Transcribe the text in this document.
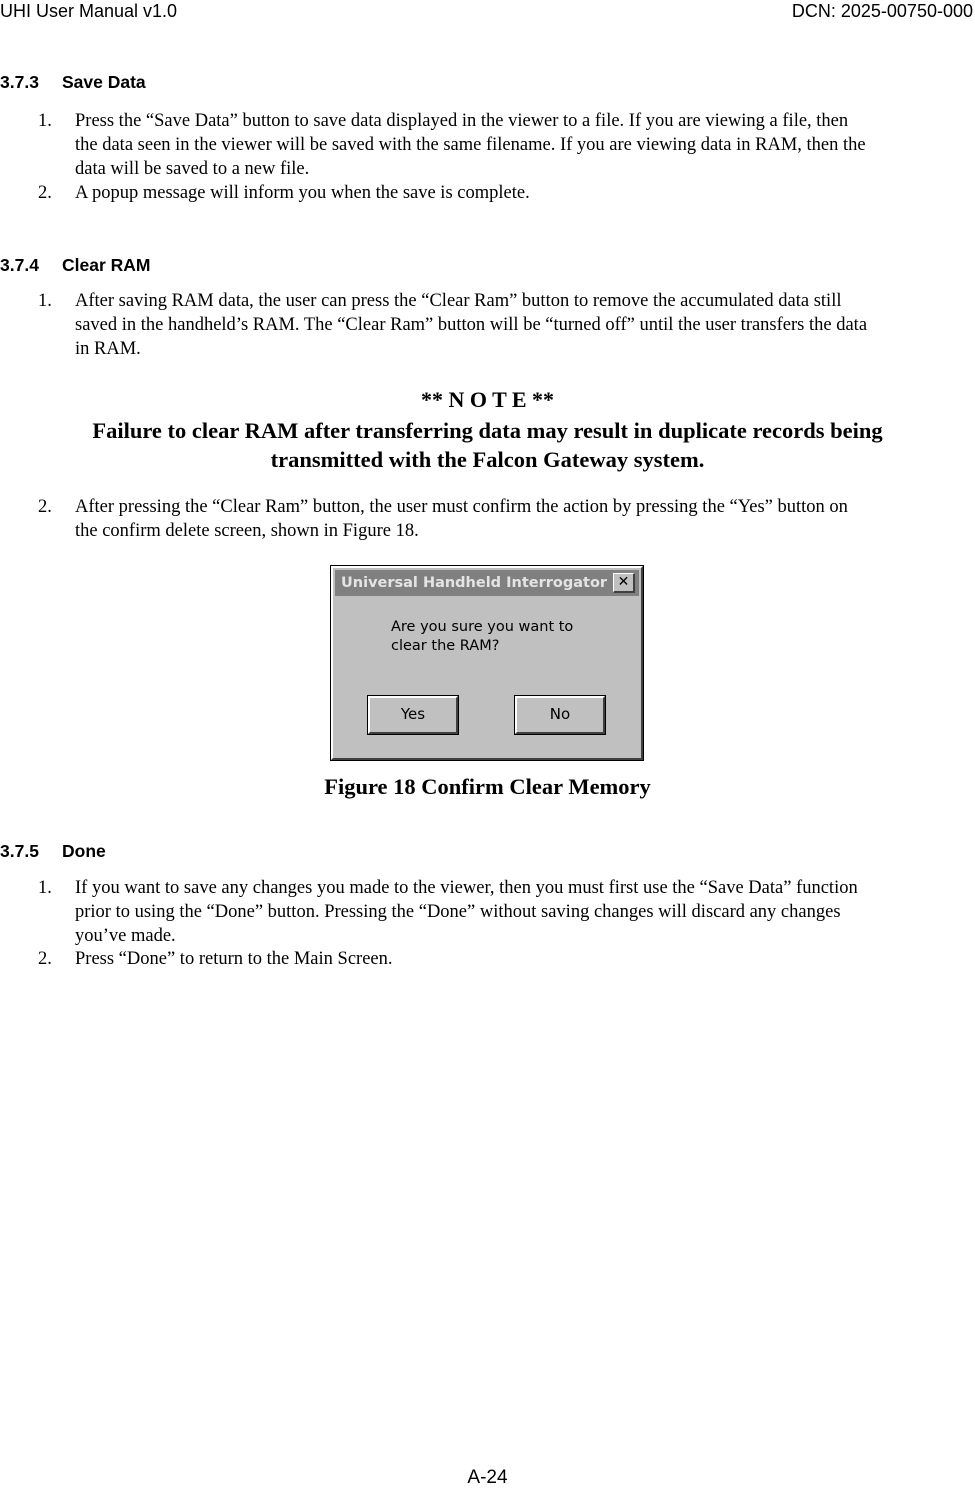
UHI User Manual v1.0	DCN: 2025-00750-000
3.7.3 Save Data
1. Press the “Save Data” button to save data displayed in the viewer to a file. If you are viewing a file, then
the data seen in the viewer will be saved with the same filename. If you are viewing data in RAM, then the
data will be saved to a new file.
2. A popup message will inform you when the save is complete.
3.7.4 Clear RAM
1. After saving RAM data, the user can press the “Clear Ram” button to remove the accumulated data still
saved in the handheld’s RAM. The “Clear Ram” button will be “turned off” until the user transfers the data
in RAM.
** N O T E **
Failure to clear RAM after transferring data may result in duplicate records being
transmitted with the Falcon Gateway system.
2. After pressing the “Clear Ram” button, the user must confirm the action by pressing the “Yes” button on
the confirm delete screen, shown in Figure 18.
Universal Handheld Interrogator ✕
Are you sure you want to
clear the RAM?
Yes	No
Figure 18 Confirm Clear Memory
3.7.5 Done
1. If you want to save any changes you made to the viewer, then you must first use the “Save Data” function
prior to using the “Done” button. Pressing the “Done” without saving changes will discard any changes
you’ve made.
2. Press “Done” to return to the Main Screen.
A-24
